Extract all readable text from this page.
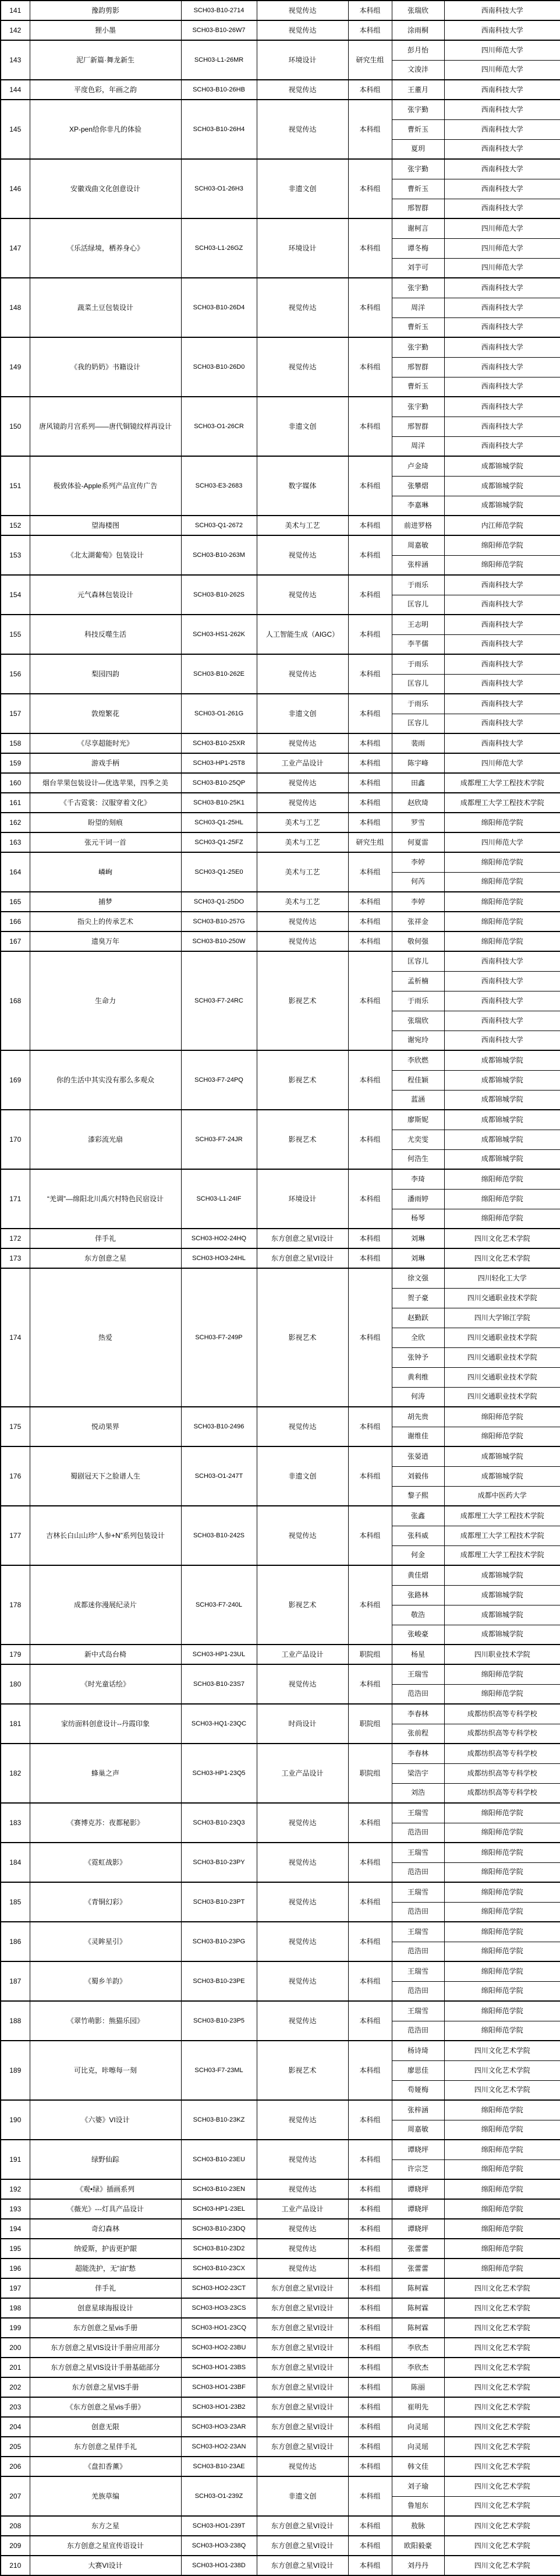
141	豫韵剪影	SCH03-B10-2714	视觉传达	本科组	张瑞欣	西南科技大学
142	狸小墨	SCH03-B10-26W7	视觉传达	本科组	涂雨桐	西南科技大学
143	泥厂新篇·舞龙新生	SCH03-L1-26MR	环境设计	研究生组	彭月怡	四川师范大学
					文浚沣	四川师范大学
144	平度色彩，年画之韵	SCH03-B10-26HB	视觉传达	本科组	王董月	西南科技大学
145	XP-pen给你非凡的体验	SCH03-B10-26H4	视觉传达	本科组	张宇勤	西南科技大学
					曹炘玉	西南科技大学
					夏玥	西南科技大学
146	安徽戏曲文化创意设计	SCH03-O1-26H3	非遗文创	本科组	张宇勤	西南科技大学
					曹炘玉	西南科技大学
					邢智群	西南科技大学
147	《乐活绿境，栖养身心》	SCH03-L1-26GZ	环境设计	本科组	谢柯言	四川师范大学
					谭冬梅	四川师范大学
					刘芋可	四川师范大学
148	蔬菜土豆包装设计	SCH03-B10-26D4	视觉传达	本科组	张宇勤	西南科技大学
					周洋	西南科技大学
					曹炘玉	西南科技大学
149	《我的奶奶》书籍设计	SCH03-B10-26D0	视觉传达	本科组	张宇勤	西南科技大学
					邢智群	西南科技大学
					曹炘玉	西南科技大学
150	唐风镜韵月宫系列——唐代铜镜纹样再设计	SCH03-O1-26CR	非遗文创	本科组	张宇勤	西南科技大学
					邢智群	西南科技大学
					周洋	西南科技大学
151	极致体验-Apple系列产品宣传广告	SCH03-E3-2683	数字媒体	本科组	卢金琦	成都锦城学院
					张攀熠	成都锦城学院
					李嘉琳	成都锦城学院
152	望海楼图	SCH03-Q1-2672	美术与工艺	本科组	前进罗格	内江师范学院
153	《北太湖葡萄》包装设计	SCH03-B10-263M	视觉传达	本科组	周嘉敏	绵阳师范学院
					张梓涵	绵阳师范学院
154	元气森林包装设计	SCH03-B10-262S	视觉传达	本科组	于雨乐	西南科技大学
					匡容儿	西南科技大学
155	科技反噬生活	SCH03-HS1-262K	人工智能生成（AIGC）	本科组	王志明	西南科技大学
					李芊儒	西南科技大学
156	梨园四韵	SCH03-B10-262E	视觉传达	本科组	于雨乐	西南科技大学
					匡容儿	西南科技大学
157	敦煌繁花	SCH03-O1-261G	非遗文创	本科组	于雨乐	西南科技大学
					匡容儿	西南科技大学
158	《尽享超能时光》	SCH03-B10-25XR	视觉传达	本科组	裴雨	西南科技大学
159	游戏手柄	SCH03-HP1-25T8	工业产品设计	本科组	陈宇峰	四川师范大学
160	烟台苹果包装设计—优选苹果，四季之美	SCH03-B10-25QP	视觉传达	本科组	田鑫	成都理工大学工程技术学院
161	《千古霓裳：汉服穿着文化》	SCH03-B10-25K1	视觉传达	本科组	赵欣琦	成都理工大学工程技术学院
162	盼望的刻痕	SCH03-Q1-25HL	美术与工艺	本科组	罗雪	绵阳师范学院
163	张元干词一首	SCH03-Q1-25FZ	美术与工艺	研究生组	何夏雷	四川师范大学
164	嶙峋	SCH03-Q1-25E0	美术与工艺	本科组	李婷	绵阳师范学院
					何芮	绵阳师范学院
165	捕梦	SCH03-Q1-25DO	美术与工艺	本科组	李婷	绵阳师范学院
166	指尖上的传承艺术	SCH03-B10-257G	视觉传达	本科组	张祥金	绵阳师范学院
167	遗臭万年	SCH03-B10-250W	视觉传达	本科组	敬何强	绵阳师范学院
168	生命力	SCH03-F7-24RC	影视艺术	本科组	匡容儿	西南科技大学
					孟析楠	西南科技大学
					于雨乐	西南科技大学
					张瑞欣	西南科技大学
					谢宛玲	西南科技大学
169	你的生活中其实没有那么多观众	SCH03-F7-24PQ	影视艺术	本科组	李欣燃	成都锦城学院
					程佳颖	成都锦城学院
					蓝涵	成都锦城学院
170	漆彩流光扇	SCH03-F7-24JR	影视艺术	本科组	廖斯妮	成都锦城学院
					尤奕雯	成都锦城学院
					何浩生	成都锦城学院
171	“羌调”—绵阳北川禹穴村特色民宿设计	SCH03-L1-24IF	环境设计	本科组	李琦	绵阳师范学院
					潘雨婷	绵阳师范学院
					杨琴	绵阳师范学院
172	伴手礼	SCH03-HO2-24HQ	东方创意之星VI设计	本科组	刘琳	四川文化艺术学院
173	东方创意之星	SCH03-HO3-24HL	东方创意之星VI设计	本科组	刘琳	四川文化艺术学院
174	热爱	SCH03-F7-249P	影视艺术	本科组	徐文强	四川轻化工大学
					贺子豪	四川交通职业技术学院
					赵勤跃	四川大学锦江学院
					全欣	四川交通职业技术学院
					张钟予	四川交通职业技术学院
					黄利维	四川交通职业技术学院
					何涛	四川交通职业技术学院
175	悦动果界	SCH03-B10-2496	视觉传达	本科组	胡先贵	绵阳师范学院
					谢维佳	绵阳师范学院
176	蜀剧冠天下之脸谱人生	SCH03-O1-247T	非遗文创	本科组	张晏逍	成都锦城学院
					刘毅伟	成都锦城学院
					黎子熙	成都中医药大学
177	吉林长白山山珍“人参+N”系列包装设计	SCH03-B10-242S	视觉传达	本科组	张鑫	成都理工大学工程技术学院
					张科威	成都理工大学工程技术学院
					何金	成都理工大学工程技术学院
178	成都迷你漫展纪录片	SCH03-F7-240L	影视艺术	本科组	黄佳熠	成都锦城学院
					张路林	成都锦城学院
					敬浩	成都锦城学院
					张峻豪	成都锦城学院
179	新中式岛台椅	SCH03-HP1-23UL	工业产品设计	职院组	杨星	四川职业技术学院
180	《时光童话绘》	SCH03-B10-23S7	视觉传达	本科组	王瑞雪	绵阳师范学院
					范浩田	绵阳师范学院
181	家纺面料创意设计--丹霞印象	SCH03-HQ1-23QC	时尚设计	职院组	李春林	成都纺织高等专科学校
					张前程	成都纺织高等专科学校
182	蜂巢之声	SCH03-HP1-23Q5	工业产品设计	职院组	李春林	成都纺织高等专科学校
					梁浩宇	成都纺织高等专科学校
					刘浩	成都纺织高等专科学校
183	《赛博克苏：夜都秘影》	SCH03-B10-23Q3	视觉传达	本科组	王瑞雪	绵阳师范学院
					范浩田	绵阳师范学院
184	《霓虹战影》	SCH03-B10-23PY	视觉传达	本科组	王瑞雪	绵阳师范学院
					范浩田	绵阳师范学院
185	《青铜幻彩》	SCH03-B10-23PT	视觉传达	本科组	王瑞雪	绵阳师范学院
					范浩田	绵阳师范学院
186	《灵眸星引》	SCH03-B10-23PG	视觉传达	本科组	王瑞雪	绵阳师范学院
					范浩田	绵阳师范学院
187	《蜀乡羊韵》	SCH03-B10-23PE	视觉传达	本科组	王瑞雪	绵阳师范学院
					范浩田	绵阳师范学院
188	《翠竹萌影：熊猫乐园》	SCH03-B10-23P5	视觉传达	本科组	王瑞雪	绵阳师范学院
					范浩田	绵阳师范学院
189	可比克，咔嚓每一刻	SCH03-F7-23ML	影视艺术	本科组	杨诗琦	四川文化艺术学院
					廖思佳	四川文化艺术学院
					苟娅梅	四川文化艺术学院
190	《六婆》VI设计	SCH03-B10-23KZ	视觉传达	本科组	张梓涵	绵阳师范学院
					周嘉敏	绵阳师范学院
191	绿野仙踪	SCH03-B10-23EU	视觉传达	本科组	谭晓坪	绵阳师范学院
					许宗芝	绵阳师范学院
192	《观•绿》插画系列	SCH03-B10-23EN	视觉传达	本科组	谭晓坪	绵阳师范学院
193	《薇光》---灯具产品设计	SCH03-HP1-23EL	工业产品设计	本科组	谭晓坪	绵阳师范学院
194	奇幻森林	SCH03-B10-23DQ	视觉传达	本科组	谭晓坪	绵阳师范学院
195	纳爱斯，护齿更护龈	SCH03-B10-23D2	视觉传达	本科组	张蕾蕾	绵阳师范学院
196	超能洗护，无“油”愁	SCH03-B10-23CX	视觉传达	本科组	张蕾蕾	绵阳师范学院
197	伴手礼	SCH03-HO2-23CT	东方创意之星VI设计	本科组	陈柯霖	四川文化艺术学院
198	创意星球海报设计	SCH03-HO3-23CS	东方创意之星VI设计	本科组	陈柯霖	四川文化艺术学院
199	东方创意之星vis手册	SCH03-HO1-23CQ	东方创意之星VI设计	本科组	陈柯霖	四川文化艺术学院
200	东方创意之星VIS设计手册应用部分	SCH03-HO2-23BU	东方创意之星VI设计	本科组	李欣杰	四川文化艺术学院
201	东方创意之星VIS设计手册基础部分	SCH03-HO1-23BS	东方创意之星VI设计	本科组	李欣杰	四川文化艺术学院
202	东方创意之星VIS手册	SCH03-HO1-23BF	东方创意之星VI设计	本科组	陈丽	四川文化艺术学院
203	《东方创意之星vis手册》	SCH03-HO1-23B2	东方创意之星VI设计	本科组	崔明先	四川文化艺术学院
204	创意无限	SCH03-HO3-23AR	东方创意之星VI设计	本科组	向灵瑶	四川文化艺术学院
205	东方创意之星伴手礼	SCH03-HO2-23AN	东方创意之星VI设计	本科组	向灵瑶	四川文化艺术学院
206	《盘扣香薰》	SCH03-B10-23AE	视觉传达	本科组	韩文佳	四川文化艺术学院
207	羌族草编	SCH03-O1-239Z	非遗文创	本科组	刘子瑜	四川文化艺术学院
					鲁旭东	四川文化艺术学院
208	东方之星	SCH03-HO1-239T	东方创意之星VI设计	本科组	敖脉	四川文化艺术学院
209	东方创意之星宣传语设计	SCH03-HO3-238Q	东方创意之星VI设计	本科组	欧阳毅豪	四川文化艺术学院
210	大赛VI设计	SCH03-HO1-238D	东方创意之星VI设计	本科组	刘丹丹	四川文化艺术学院
